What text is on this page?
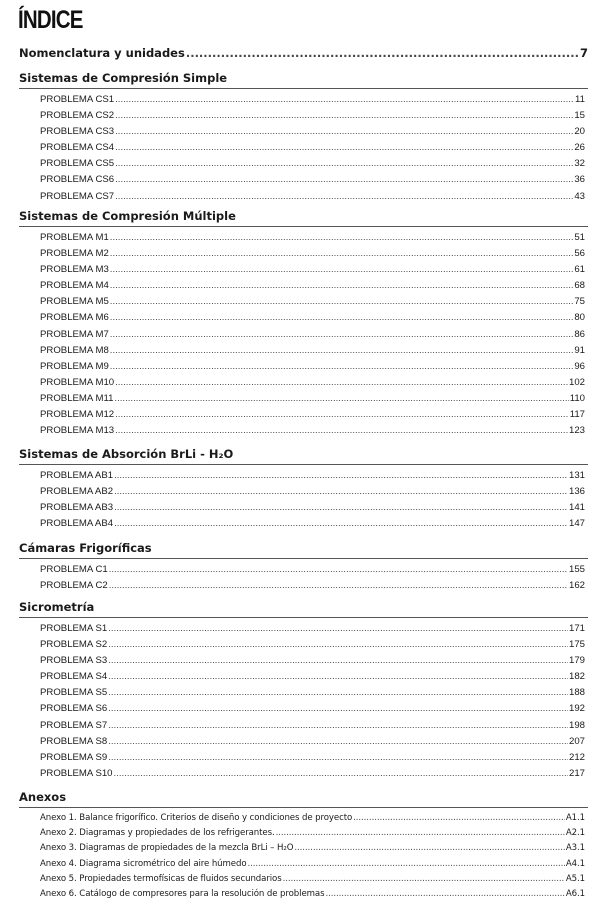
ÍNDICE
Nomenclatura y unidades .....	7
Sistemas de Compresión Simple
PROBLEMA CS1 .....	11
PROBLEMA CS2 .....	15
PROBLEMA CS3 .....	20
PROBLEMA CS4 .....	26
PROBLEMA CS5 .....	32
PROBLEMA CS6 .....	36
PROBLEMA CS7 .....	43
Sistemas de Compresión Múltiple
PROBLEMA M1 .....	51
PROBLEMA M2 .....	56
PROBLEMA M3 .....	61
PROBLEMA M4 .....	68
PROBLEMA M5 .....	75
PROBLEMA M6 .....	80
PROBLEMA M7 .....	86
PROBLEMA M8 .....	91
PROBLEMA M9 .....	96
PROBLEMA M10 .....	102
PROBLEMA M11 .....	110
PROBLEMA M12 .....	117
PROBLEMA M13 .....	123
Sistemas de Absorción BrLi - H₂O
PROBLEMA AB1 .....	131
PROBLEMA AB2 .....	136
PROBLEMA AB3 .....	141
PROBLEMA AB4 .....	147
Cámaras Frigoríficas
PROBLEMA C1 .....	155
PROBLEMA C2 .....	162
Sicrometría
PROBLEMA S1 .....	171
PROBLEMA S2 .....	175
PROBLEMA S3 .....	179
PROBLEMA S4 .....	182
PROBLEMA S5 .....	188
PROBLEMA S6 .....	192
PROBLEMA S7 .....	198
PROBLEMA S8 .....	207
PROBLEMA S9 .....	212
PROBLEMA S10 .....	217
Anexos
Anexo 1. Balance frigorífico. Criterios de diseño y condiciones de proyecto .....	A1.1
Anexo 2. Diagramas y propiedades de los refrigerantes. .....	A2.1
Anexo 3. Diagramas de propiedades de la mezcla BrLi – H₂O .....	A3.1
Anexo 4. Diagrama sicrométrico del aire húmedo .....	A4.1
Anexo 5. Propiedades termofísicas de fluidos secundarios .....	A5.1
Anexo 6. Catálogo de compresores para la resolución de problemas .....	A6.1
